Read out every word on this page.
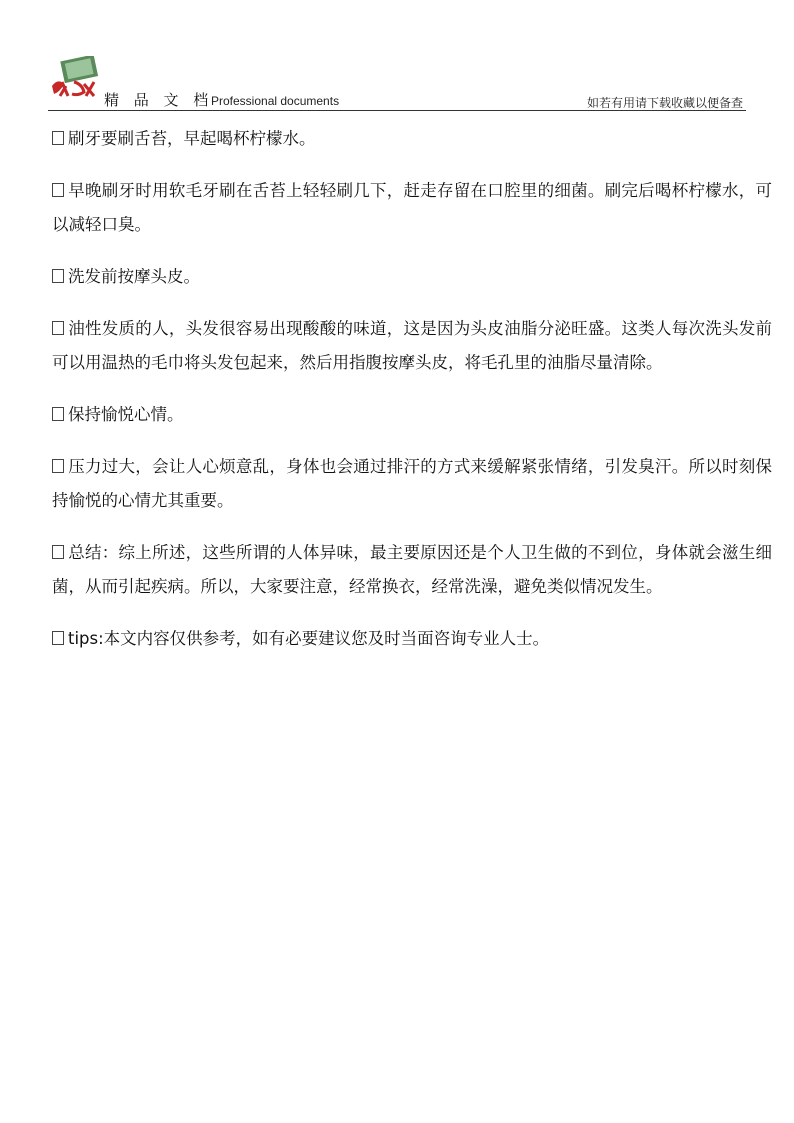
精 品 文 档
Professional documents	如若有用请下载收藏以便备查

刷牙要刷舌苔，早起喝杯柠檬水。

早晚刷牙时用软毛牙刷在舌苔上轻轻刷几下，赶走存留在口腔里的细菌。刷完后喝杯柠檬水，可以减轻口臭。

洗发前按摩头皮。

油性发质的人，头发很容易出现酸酸的味道，这是因为头皮油脂分泌旺盛。这类人每次洗头发前可以用温热的毛巾将头发包起来，然后用指腹按摩头皮，将毛孔里的油脂尽量清除。

保持愉悦心情。

压力过大，会让人心烦意乱，身体也会通过排汗的方式来缓解紧张情绪，引发臭汗。所以时刻保持愉悦的心情尤其重要。

总结：综上所述，这些所谓的人体异味，最主要原因还是个人卫生做的不到位，身体就会滋生细菌，从而引起疾病。所以，大家要注意，经常换衣，经常洗澡，避免类似情况发生。

tips:本文内容仅供参考，如有必要建议您及时当面咨询专业人士。
